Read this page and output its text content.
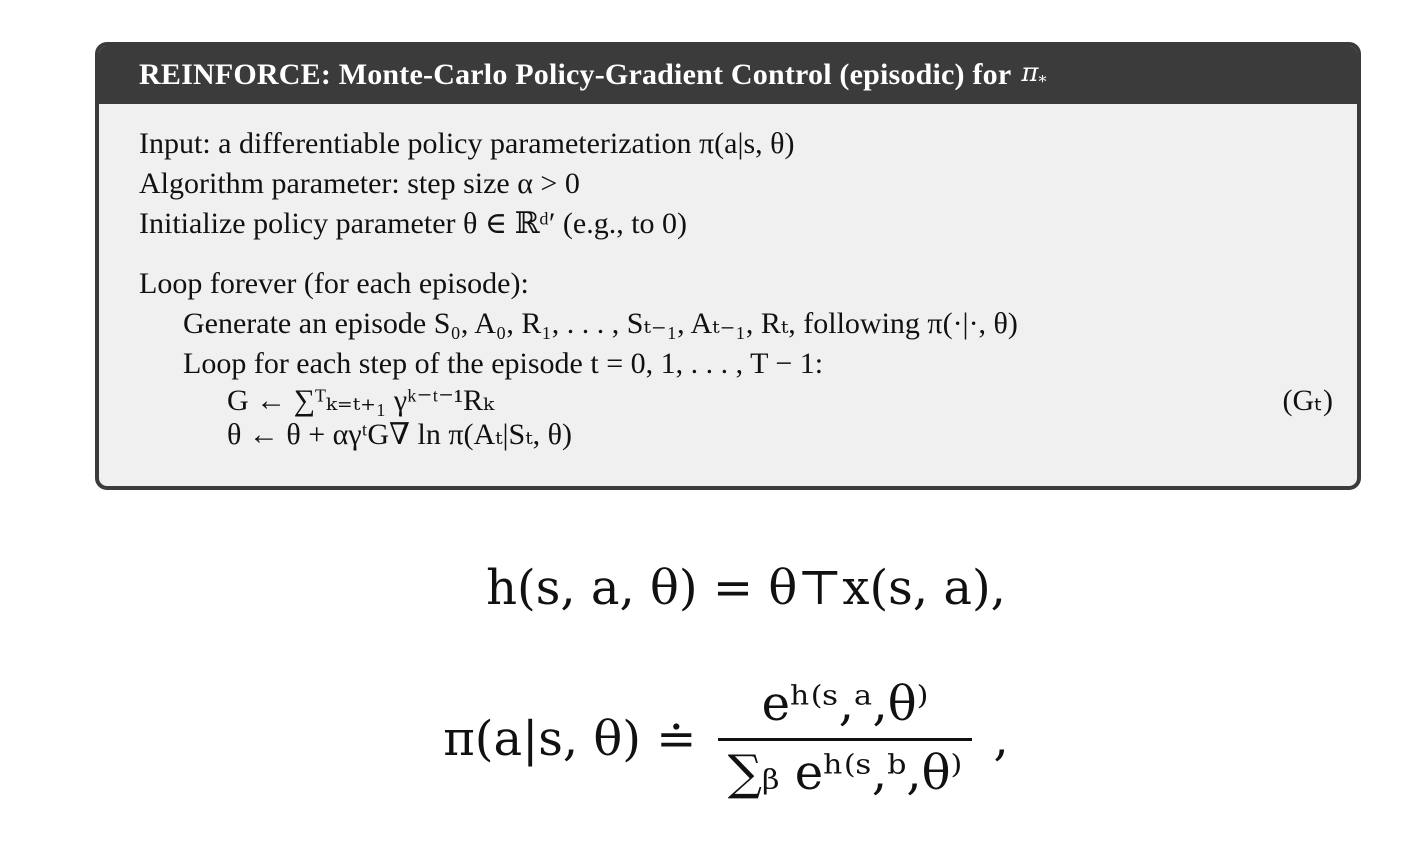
REINFORCE: Monte-Carlo Policy-Gradient Control (episodic) for $\pi_*$
Input: a differentiable policy parameterization π(a|s, θ)
Algorithm parameter: step size α > 0
Initialize policy parameter θ ∈ ℝᵈ′ (e.g., to 0)
Loop forever (for each episode):
Generate an episode S₀, A₀, R₁, . . . , Sₜ₋₁, Aₜ₋₁, Rₜ, following π(·|·, θ)
Loop for each step of the episode t = 0, 1, . . . , T − 1:
G ← ∑ᵀₖ₌ₜ₊₁ γᵏ⁻ᵗ⁻¹Rₖ	(Gₜ)
θ ← θ + αγᵗG∇ ln π(Aₜ|Sₜ, θ)
h(s, a, θ) = θ⊤x(s, a),
π(a|s, θ) ≐ $\frac{\text{eʰ⁽ˢ,ᵃ,θ⁾}}{\text{∑ᵦ eʰ⁽ˢ,ᵇ,θ⁾}}$ ,
